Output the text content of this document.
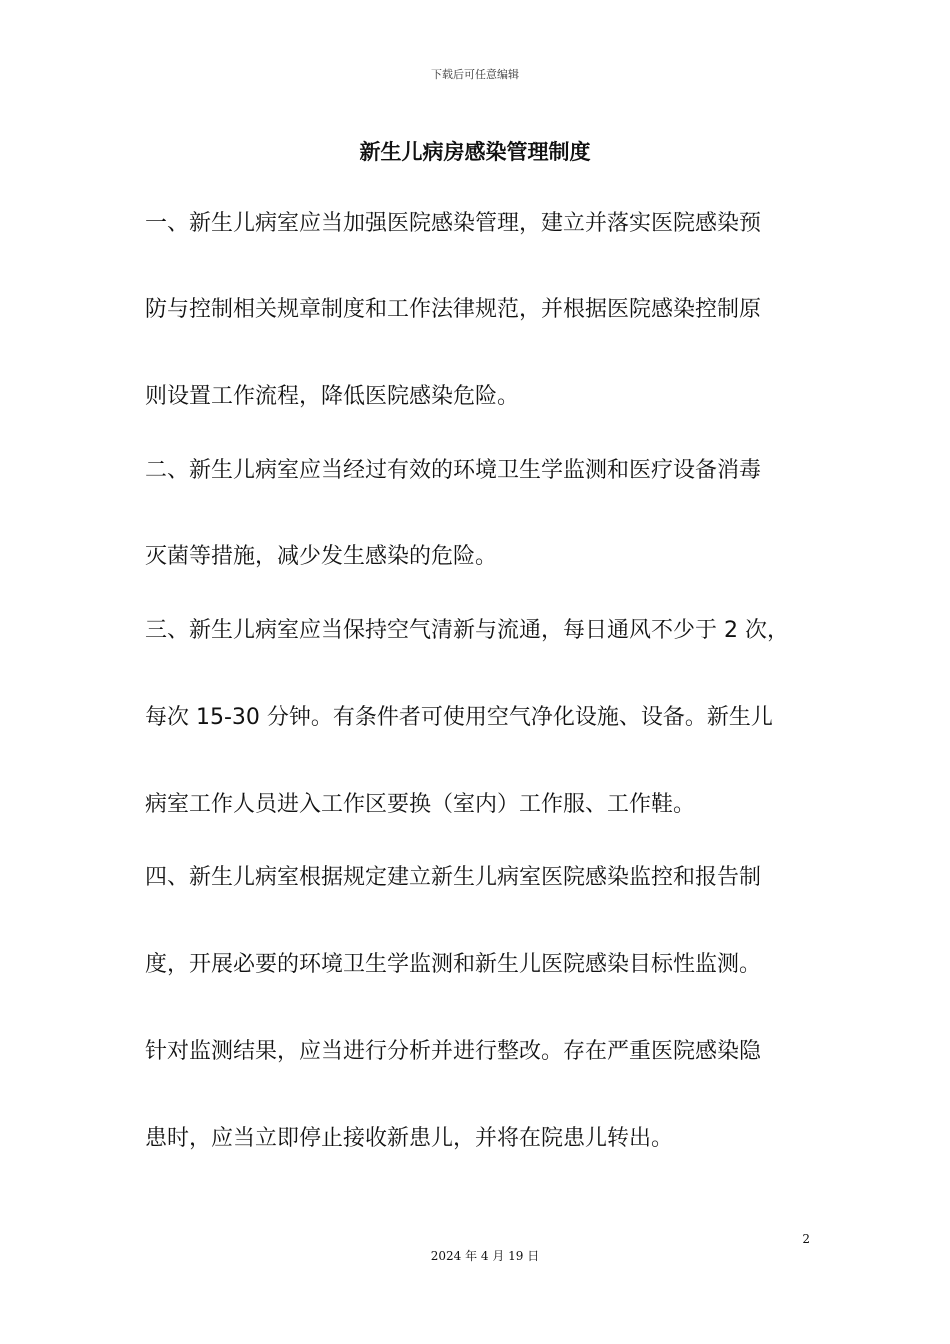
下载后可任意编辑
新生儿病房感染管理制度
一、新生儿病室应当加强医院感染管理，建立并落实医院感染预
防与控制相关规章制度和工作法律规范，并根据医院感染控制原
则设置工作流程，降低医院感染危险。
二、新生儿病室应当经过有效的环境卫生学监测和医疗设备消毒
灭菌等措施，减少发生感染的危险。
三、新生儿病室应当保持空气清新与流通，每日通风不少于 2 次，
每次 15-30 分钟。有条件者可使用空气净化设施、设备。新生儿
病室工作人员进入工作区要换（室内）工作服、工作鞋。
四、新生儿病室根据规定建立新生儿病室医院感染监控和报告制
度，开展必要的环境卫生学监测和新生儿医院感染目标性监测。
针对监测结果，应当进行分析并进行整改。存在严重医院感染隐
患时，应当立即停止接收新患儿，并将在院患儿转出。
2
2024 年 4 月 19 日
